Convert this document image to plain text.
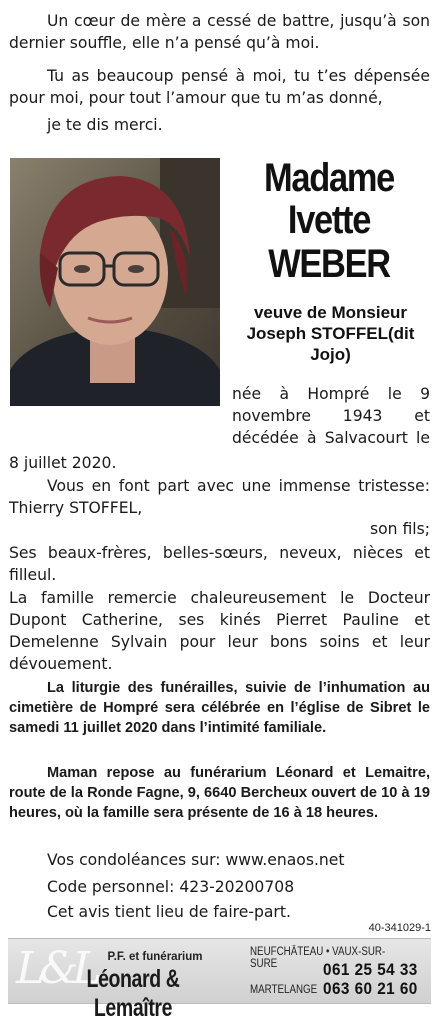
Un cœur de mère a cessé de battre, jusqu’à son dernier souffle, elle n’a pensé qu’à moi.

Tu as beaucoup pensé à moi, tu t’es dépensée pour moi, pour tout l’amour que tu m’as donné,

je te dis merci.

Madame
Ivette
WEBER
veuve de Monsieur Joseph STOFFEL(dit Jojo)

née à Hompré le 9 novembre 1943 et décédée à Salvacourt le

8 juillet 2020.

Vous en font part avec une immense tristesse: Thierry STOFFEL,

son fils;

Ses beaux-frères, belles-sœurs, neveux, nièces et filleul.

La famille remercie chaleureusement le Docteur Dupont Catherine, ses kinés Pierret Pauline et Demelenne Sylvain pour leur bons soins et leur dévouement.

La liturgie des funérailles, suivie de l’inhumation au cimetière de Hompré sera célébrée en l’église de Sibret le samedi 11 juillet 2020 dans l’intimité familiale.

Maman repose au funérarium Léonard et Lemaitre, route de la Ronde Fagne, 9, 6640 Bercheux ouvert de 10 à 19 heures, où la famille sera présente de 16 à 18 heures.

Vos condoléances sur: www.enaos.net

Code personnel: 423-20200708

Cet avis tient lieu de faire-part.

40-341029-1
L&L	P.F. et funérarium
Léonard & Lemaître
NEUFCHÂTEAU • VAUX-SUR-SURE	061 25 54 33
MARTELANGE 063 60 21 60
